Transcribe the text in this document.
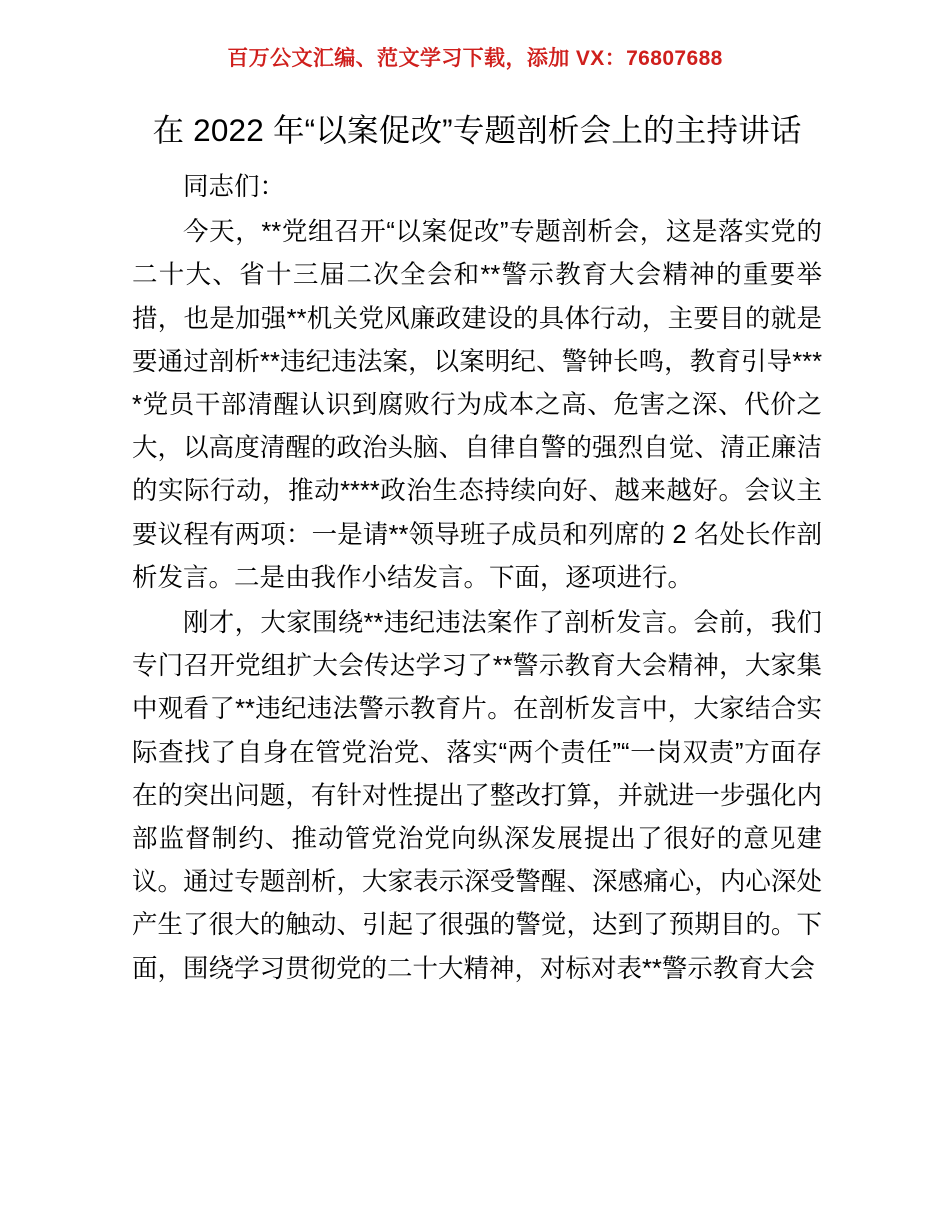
百万公文汇编、范文学习下载，添加 VX：76807688
在 2022 年“以案促改”专题剖析会上的主持讲话

同志们：

今天，**党组召开“以案促改”专题剖析会，这是落实党的二十大、省十三届二次全会和**警示教育大会精神的重要举措，也是加强**机关党风廉政建设的具体行动，主要目的就是要通过剖析**违纪违法案，以案明纪、警钟长鸣，教育引导****党员干部清醒认识到腐败行为成本之高、危害之深、代价之大，以高度清醒的政治头脑、自律自警的强烈自觉、清正廉洁的实际行动，推动****政治生态持续向好、越来越好。会议主要议程有两项：一是请**领导班子成员和列席的 2 名处长作剖析发言。二是由我作小结发言。下面，逐项进行。

刚才，大家围绕**违纪违法案作了剖析发言。会前，我们专门召开党组扩大会传达学习了**警示教育大会精神，大家集中观看了**违纪违法警示教育片。在剖析发言中，大家结合实际查找了自身在管党治党、落实“两个责任”“一岗双责”方面存在的突出问题，有针对性提出了整改打算，并就进一步强化内部监督制约、推动管党治党向纵深发展提出了很好的意见建议。通过专题剖析，大家表示深受警醒、深感痛心，内心深处产生了很大的触动、引起了很强的警觉，达到了预期目的。下面，围绕学习贯彻党的二十大精神，对标对表**警示教育大会
